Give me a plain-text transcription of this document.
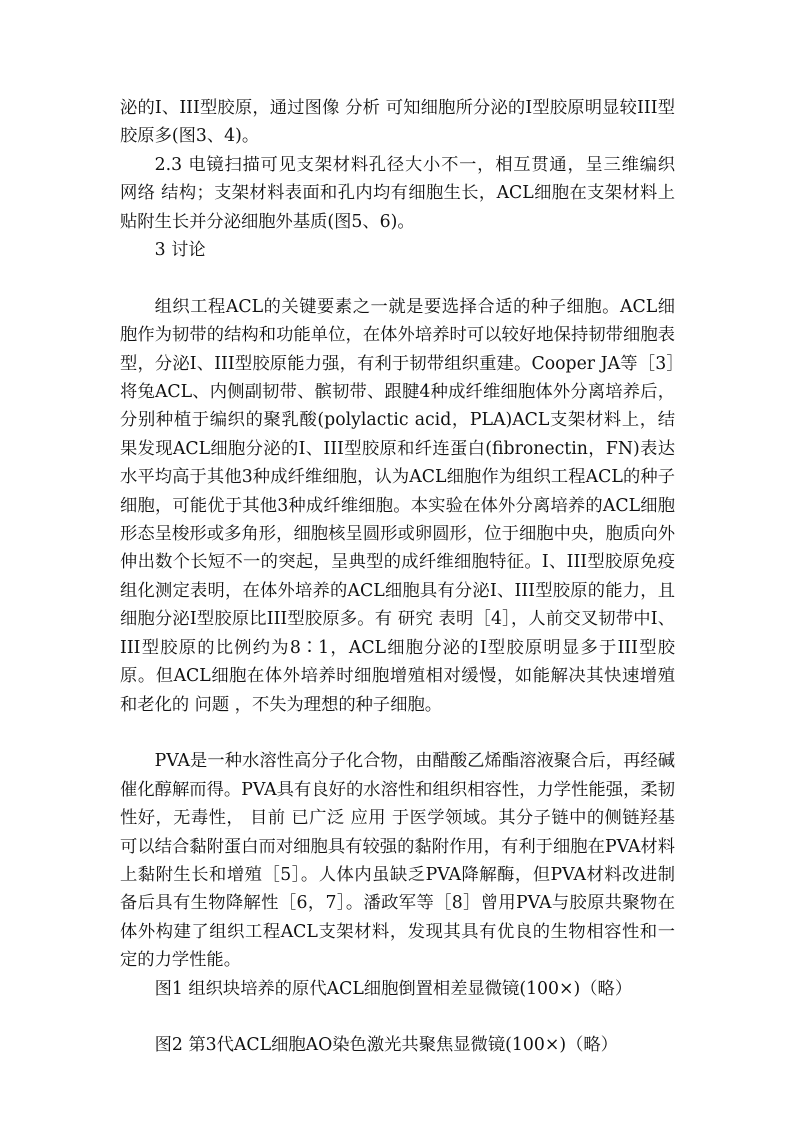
泌的Ⅰ、III型胶原，通过图像 分析 可知细胞所分泌的Ⅰ型胶原明显较III型胶原多(图3、4)。

2.3 电镜扫描可见支架材料孔径大小不一，相互贯通，呈三维编织 网络 结构；支架材料表面和孔内均有细胞生长，ACL细胞在支架材料上贴附生长并分泌细胞外基质(图5、6)。

3 讨论

组织工程ACL的关键要素之一就是要选择合适的种子细胞。ACL细胞作为韧带的结构和功能单位，在体外培养时可以较好地保持韧带细胞表型，分泌Ⅰ、III型胶原能力强，有利于韧带组织重建。Cooper JA等［3］将兔ACL、内侧副韧带、髌韧带、跟腱4种成纤维细胞体外分离培养后，分别种植于编织的聚乳酸(polylactic acid，PLA)ACL支架材料上，结果发现ACL细胞分泌的Ⅰ、III型胶原和纤连蛋白(fibronectin，FN)表达水平均高于其他3种成纤维细胞，认为ACL细胞作为组织工程ACL的种子细胞，可能优于其他3种成纤维细胞。本实验在体外分离培养的ACL细胞形态呈梭形或多角形，细胞核呈圆形或卵圆形，位于细胞中央，胞质向外伸出数个长短不一的突起，呈典型的成纤维细胞特征。Ⅰ、III型胶原免疫组化测定表明，在体外培养的ACL细胞具有分泌Ⅰ、III型胶原的能力，且细胞分泌Ⅰ型胶原比III型胶原多。有 研究 表明［4］，人前交叉韧带中Ⅰ、III型胶原的比例约为8∶1，ACL细胞分泌的Ⅰ型胶原明显多于III型胶原。但ACL细胞在体外培养时细胞增殖相对缓慢，如能解决其快速增殖和老化的 问题 ，不失为理想的种子细胞。

PVA是一种水溶性高分子化合物，由醋酸乙烯酯溶液聚合后，再经碱催化醇解而得。PVA具有良好的水溶性和组织相容性，力学性能强，柔韧性好，无毒性， 目前 已广泛 应用 于医学领域。其分子链中的侧链羟基可以结合黏附蛋白而对细胞具有较强的黏附作用，有利于细胞在PVA材料上黏附生长和增殖［5］。人体内虽缺乏PVA降解酶，但PVA材料改进制备后具有生物降解性［6，7］。潘政军等［8］曾用PVA与胶原共聚物在体外构建了组织工程ACL支架材料，发现其具有优良的生物相容性和一定的力学性能。

图1 组织块培养的原代ACL细胞倒置相差显微镜(100×)（略）

图2 第3代ACL细胞AO染色激光共聚焦显微镜(100×)（略）
